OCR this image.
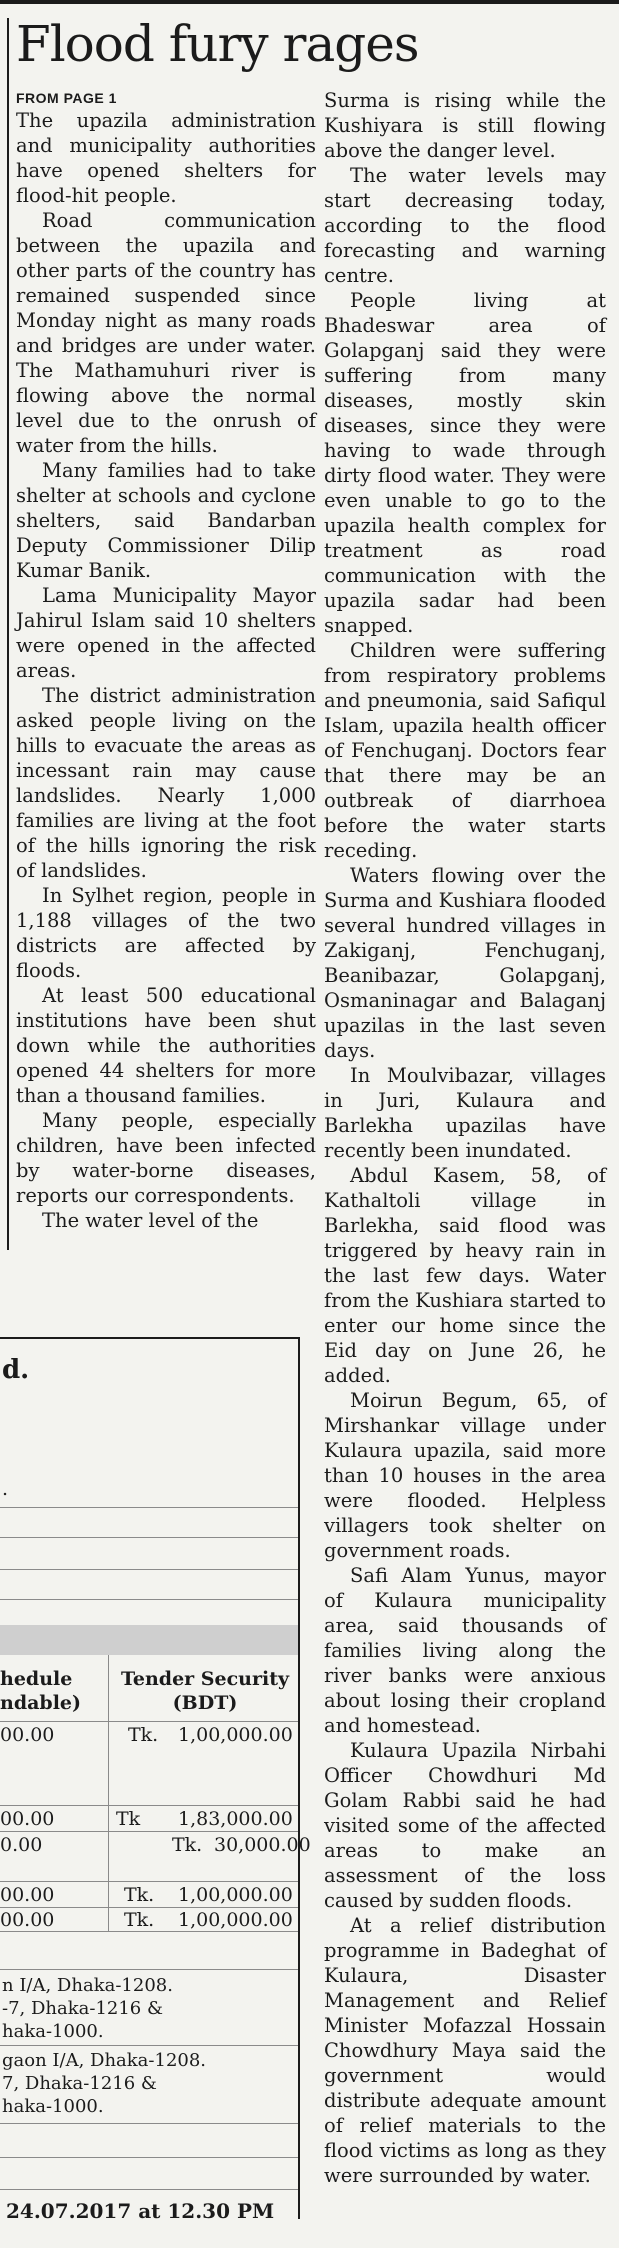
Flood fury rages
FROM PAGE 1

The upazila administration and municipality authorities have opened shelters for flood-hit people.

Road communication between the upazila and other parts of the country has remained suspended since Monday night as many roads and bridges are under water. The Mathamuhuri river is flowing above the normal level due to the onrush of water from the hills.

Many families had to take shelter at schools and cyclone shelters, said Bandarban Deputy Commissioner Dilip Kumar Banik.

Lama Municipality Mayor Jahirul Islam said 10 shelters were opened in the affected areas.

The district administration asked people living on the hills to evacuate the areas as incessant rain may cause landslides. Nearly 1,000 families are living at the foot of the hills ignoring the risk of landslides.

In Sylhet region, people in 1,188 villages of the two districts are affected by floods.

At least 500 educational institutions have been shut down while the authorities opened 44 shelters for more than a thousand families.

Many people, especially children, have been infected by water-borne diseases, reports our correspondents.

The water level of the

Surma is rising while the Kushiyara is still flowing above the danger level.

The water levels may start decreasing today, according to the flood forecasting and warning centre.

People living at Bhadeswar area of Golapganj said they were suffering from many diseases, mostly skin diseases, since they were having to wade through dirty flood water. They were even unable to go to the upazila health complex for treatment as road communication with the upazila sadar had been snapped.

Children were suffering from respiratory problems and pneumonia, said Safiqul Islam, upazila health officer of Fenchuganj. Doctors fear that there may be an outbreak of diarrhoea before the water starts receding.

Waters flowing over the Surma and Kushiara flooded several hundred villages in Zakiganj, Fenchuganj, Beanibazar, Golapganj, Osmaninagar and Balaganj upazilas in the last seven days.

In Moulvibazar, villages in Juri, Kulaura and Barlekha upazilas have recently been inundated.

Abdul Kasem, 58, of Kathaltoli village in Barlekha, said flood was triggered by heavy rain in the last few days. Water from the Kushiara started to enter our home since the Eid day on June 26, he added.

Moirun Begum, 65, of Mirshankar village under Kulaura upazila, said more than 10 houses in the area were flooded. Helpless villagers took shelter on government roads.

Safi Alam Yunus, mayor of Kulaura municipality area, said thousands of families living along the river banks were anxious about losing their cropland and homestead.

Kulaura Upazila Nirbahi Officer Chowdhuri Md Golam Rabbi said he had visited some of the affected areas to make an assessment of the loss caused by sudden floods.

At a relief distribution programme in Badeghat of Kulaura, Disaster Management and Relief Minister Mofazzal Hossain Chowdhury Maya said the government would distribute adequate amount of relief materials to the flood victims as long as they were surrounded by water.

d.
.
hedule
ndable)
Tender Security
(BDT)
00.00	Tk. 1,00,000.00
00.00	Tk 1,83,000.00
0.00	Tk. 30,000.00
00.00	Tk. 1,00,000.00
00.00	Tk. 1,00,000.00
n I/A, Dhaka-1208.
-7, Dhaka-1216 &
haka-1000.
gaon I/A, Dhaka-1208.
7, Dhaka-1216 &
haka-1000.
24.07.2017 at 12.30 PM
